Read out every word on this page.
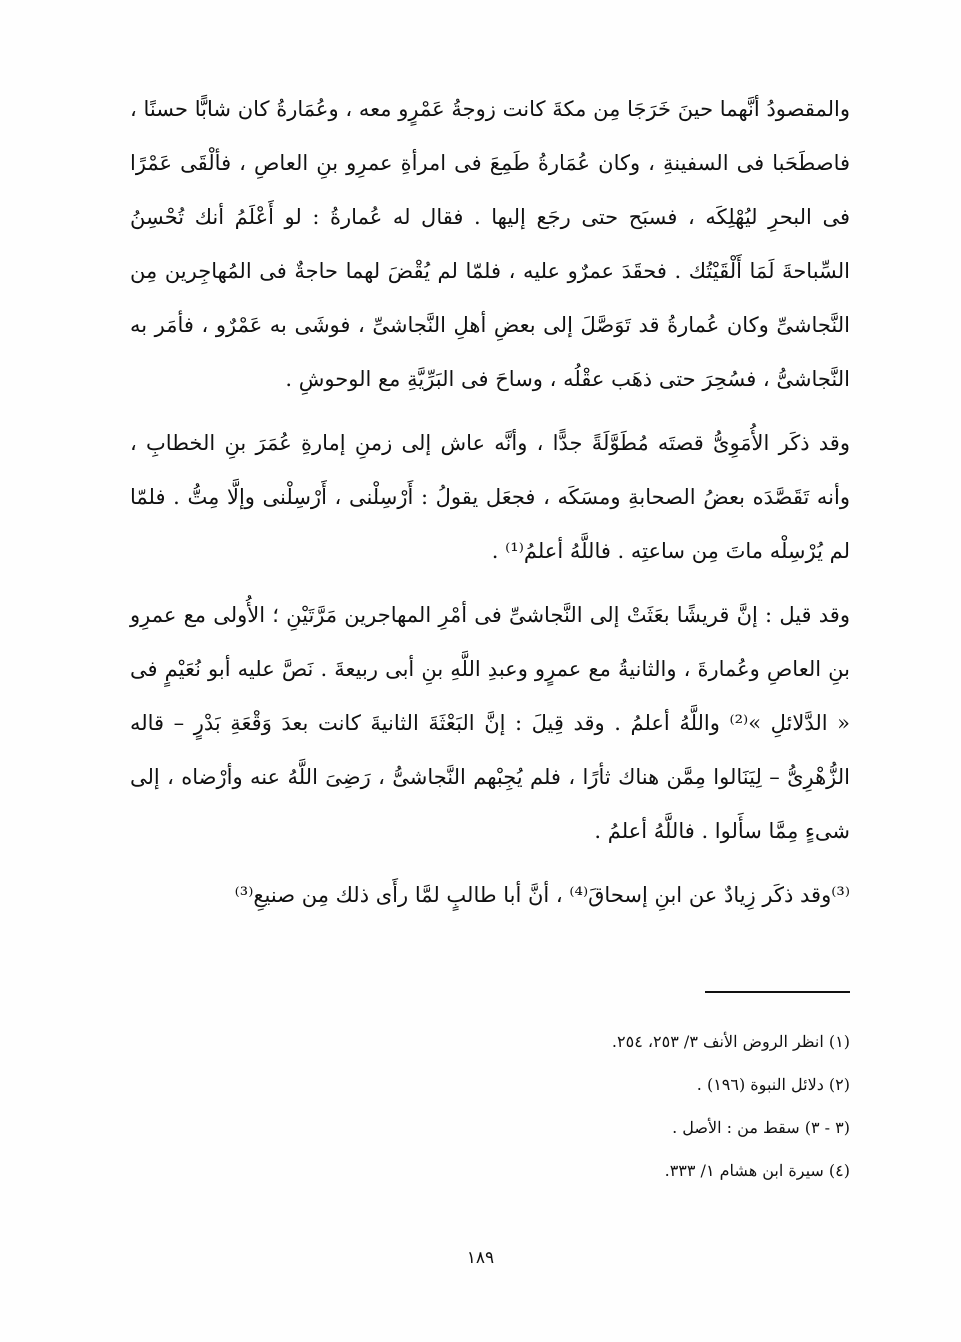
والمقصودُ أنَّهما حينَ خَرَجَا مِن مكةَ كانت زوجةُ عَمْرٍو معه ، وعُمَارةُ كان شابًّا حسنًا ، فاصطَحَبا فى السفينةِ ، وكان عُمَارةُ طَمِعَ فى امرأةِ عمرِو بنِ العاصِ ، فألْقَى عَمْرًا فى البحرِ ليُهْلِكَه ، فسبَح حتى رجَع إليها . فقال له عُمارةُ : لو أَعْلَمُ أنك تُحْسِنُ السِّباحةَ لَمَا أَلْقَيْتُك . فحقَدَ عمرٌو عليه ، فلمّا لم يُقْضَ لهما حاجةٌ فى المُهاجِرين مِن النَّجاشىِّ وكان عُمارةُ قد تَوَصَّلَ إلى بعضِ أهلِ النَّجاشىِّ ، فوشَى به عَمْرٌو ، فأمَر به النَّجاشىُّ ، فسُحِرَ حتى ذهَب عقْلُه ، وساحَ فى البَرِّيَّةِ مع الوحوشِ .

وقد ذكَر الأُمَوِىُّ قصتَه مُطَوَّلَةً جدًّا ، وأنَّه عاش إلى زمنِ إمارةِ عُمَرَ بنِ الخطابِ ، وأنه تَقَصَّدَه بعضُ الصحابةِ ومسَكَه ، فجعَل يقولُ : أَرْسِلْنى ، أَرْسِلْنى وإلَّا مِتُّ . فلمّا لم يُرْسِلْه ماتَ مِن ساعتِه . فاللَّهُ أعلمُ⁽¹⁾ .

وقد قيل : إنَّ قريشًا بعَثَتْ إلى النَّجاشىِّ فى أمْرِ المهاجرين مَرَّتَيْنِ ؛ الأُولى مع عمرِو بنِ العاصِ وعُمارةَ ، والثانيةُ مع عمرٍو وعبدِ اللَّهِ بنِ أبى ربيعةَ . نَصَّ عليه أبو نُعَيْمٍ فى « الدَّلائلِ »⁽²⁾ واللَّهُ أعلمُ . وقد قِيلَ : إنَّ البَعْثَةَ الثانيةَ كانت بعدَ وَقْعَةِ بَدْرٍ – قاله الزُّهْرِىُّ – لِيَنَالوا مِمَّن هناك ثأرًا ، فلم يُجِبْهم النَّجاشىُّ ، رَضِىَ اللَّهُ عنه وأرْضاه ، إلى شىءٍ مِمَّا سأَلوا . فاللَّهُ أعلمُ .

⁽³⁾وقد ذكَر زِيادٌ عن ابنِ إسحاقَ⁽⁴⁾ ، أنَّ أبا طالبٍ لمَّا رأَى ذلك مِن صنيعِ⁽³⁾

(١) انظر الروض الأنف ٣/ ٢٥٣، ٢٥٤.
(٢) دلائل النبوة (١٩٦) .
(٣ - ٣) سقط من : الأصل .
(٤) سيرة ابن هشام ١/ ٣٣٣.
١٨٩
